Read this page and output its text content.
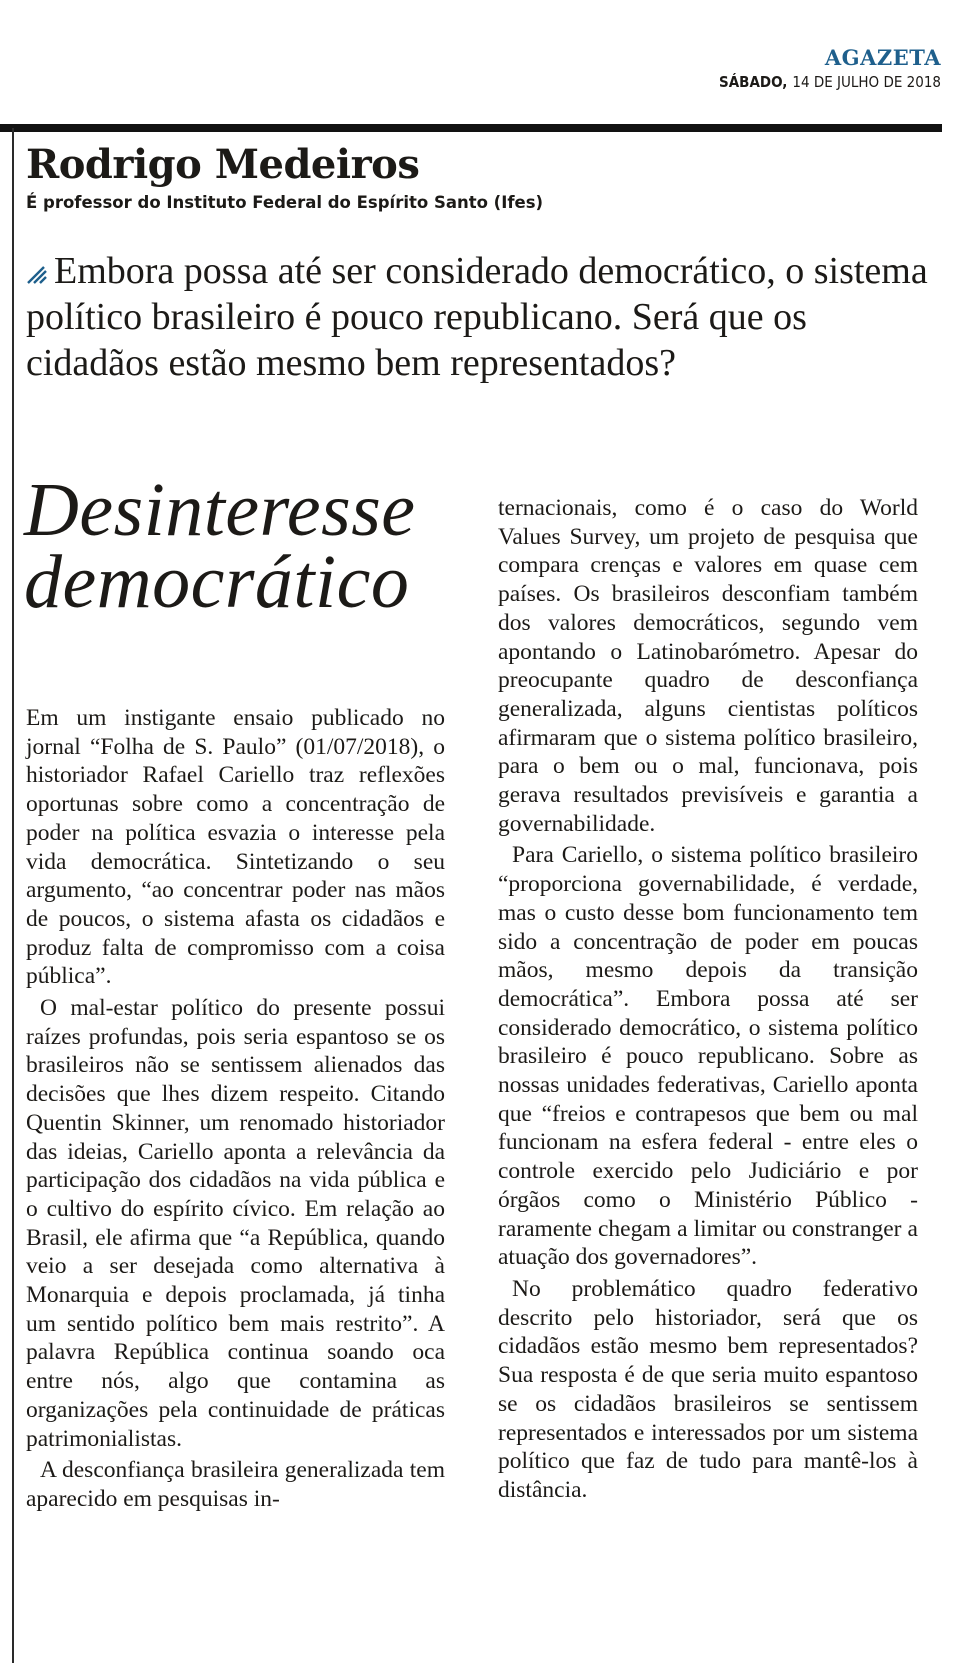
AGAZETA
SÁBADO, 14 DE JULHO DE 2018
Rodrigo Medeiros
É professor do Instituto Federal do Espírito Santo (Ifes)
Embora possa até ser considerado democrático, o sistema político brasileiro é pouco republicano. Será que os cidadãos estão mesmo bem representados?
Desinteresse
democrático

Em um instigante ensaio publicado no jornal “Folha de S. Paulo” (01/07/2018), o historiador Rafael Cariello traz reflexões oportunas sobre como a concentração de poder na política esvazia o interesse pela vida democrática. Sintetizando o seu argumento, “ao concentrar poder nas mãos de poucos, o sistema afasta os cidadãos e produz falta de compromisso com a coisa pública”.

O mal-estar político do presente possui raízes profundas, pois seria espantoso se os brasileiros não se sentissem alienados das decisões que lhes dizem respeito. Citando Quentin Skinner, um renomado historiador das ideias, Cariello aponta a relevância da participação dos cidadãos na vida pública e o cultivo do espírito cívico. Em relação ao Brasil, ele afirma que “a República, quando veio a ser desejada como alternativa à Monarquia e depois proclamada, já tinha um sentido político bem mais restrito”. A palavra República continua soando oca entre nós, algo que contamina as organizações pela continuidade de práticas patrimonialistas.

A desconfiança brasileira generalizada tem aparecido em pesquisas in-

ternacionais, como é o caso do World Values Survey, um projeto de pesquisa que compara crenças e valores em quase cem países. Os brasileiros desconfiam também dos valores democráticos, segundo vem apontando o Latinobarómetro. Apesar do preocupante quadro de desconfiança generalizada, alguns cientistas políticos afirmaram que o sistema político brasileiro, para o bem ou o mal, funcionava, pois gerava resultados previsíveis e garantia a governabilidade.

Para Cariello, o sistema político brasileiro “proporciona governabilidade, é verdade, mas o custo desse bom funcionamento tem sido a concentração de poder em poucas mãos, mesmo depois da transição democrática”. Embora possa até ser considerado democrático, o sistema político brasileiro é pouco republicano. Sobre as nossas unidades federativas, Cariello aponta que “freios e contrapesos que bem ou mal funcionam na esfera federal - entre eles o controle exercido pelo Judiciário e por órgãos como o Ministério Público - raramente chegam a limitar ou constranger a atuação dos governadores”.

No problemático quadro federativo descrito pelo historiador, será que os cidadãos estão mesmo bem representados? Sua resposta é de que seria muito espantoso se os cidadãos brasileiros se sentissem representados e interessados por um sistema político que faz de tudo para mantê-los à distância.
